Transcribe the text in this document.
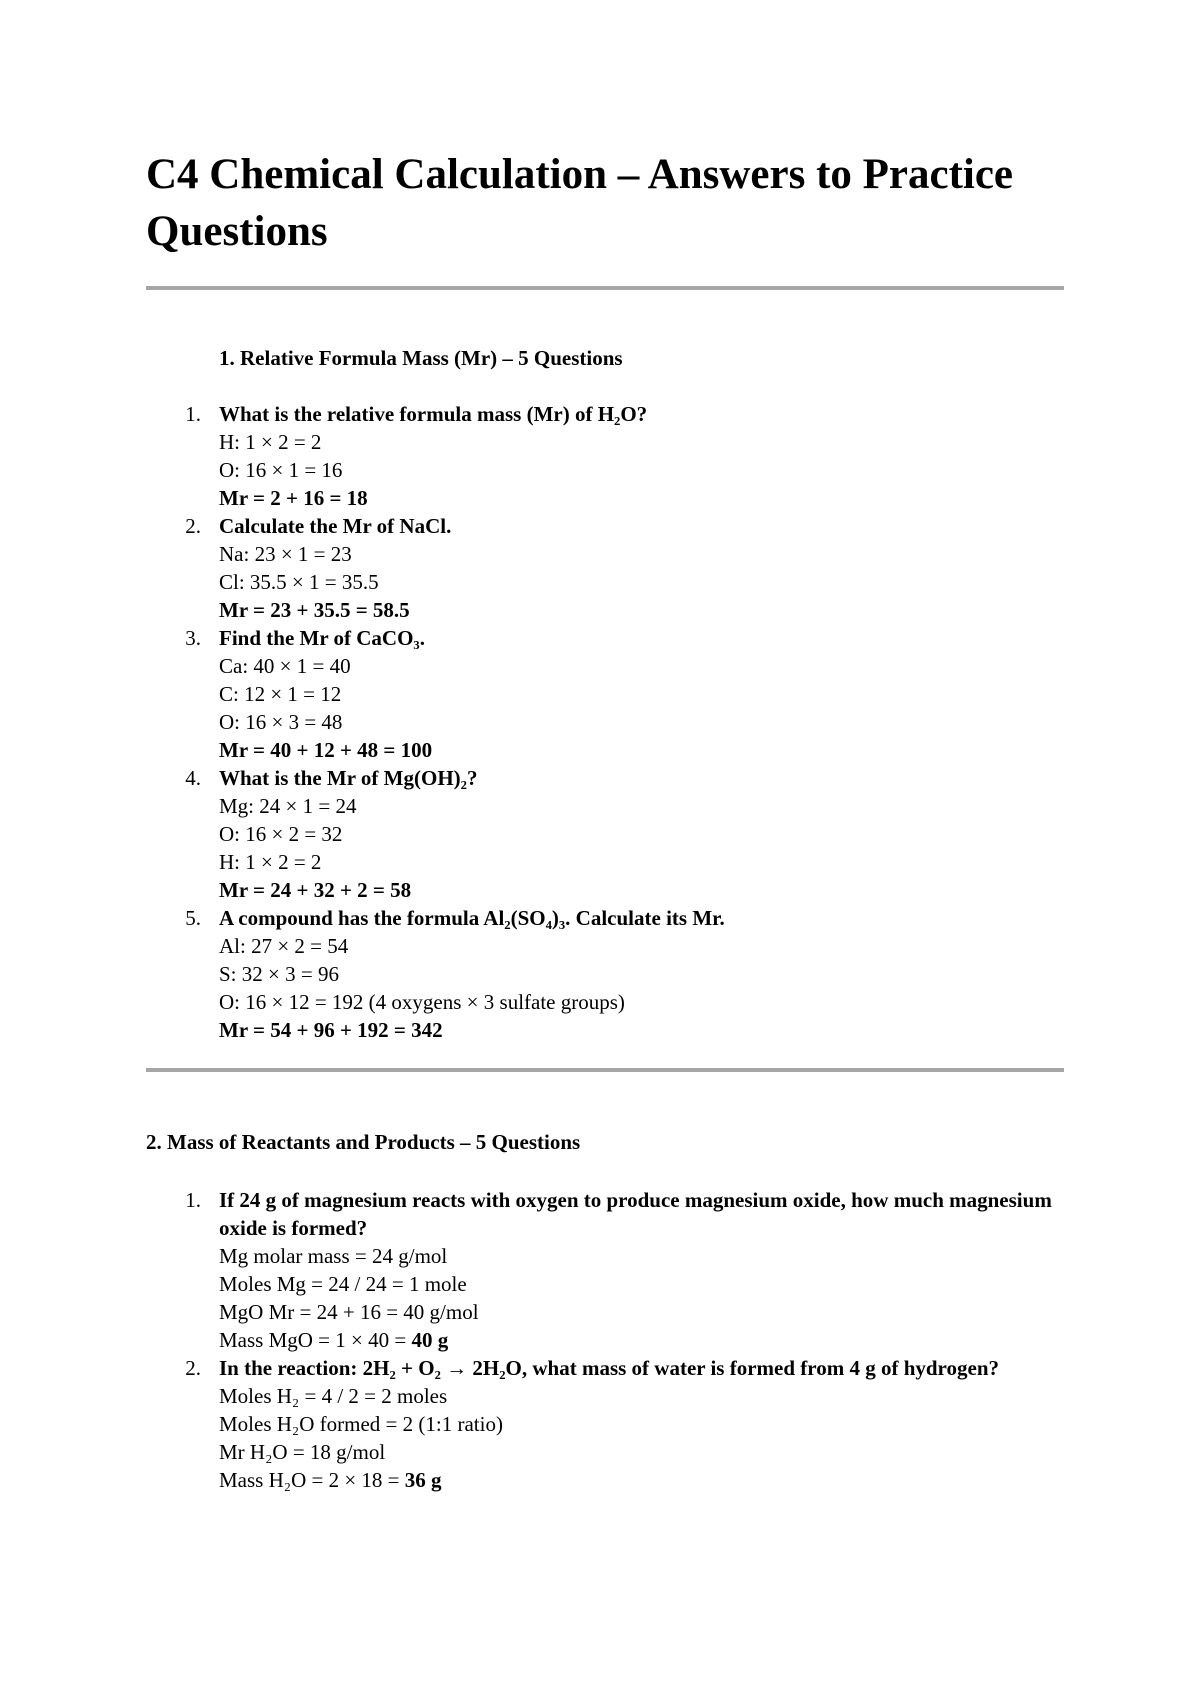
C4 Chemical Calculation – Answers to Practice Questions
1. Relative Formula Mass (Mr) – 5 Questions
1. What is the relative formula mass (Mr) of H₂O?
H: 1 × 2 = 2
O: 16 × 1 = 16
Mr = 2 + 16 = 18
2. Calculate the Mr of NaCl.
Na: 23 × 1 = 23
Cl: 35.5 × 1 = 35.5
Mr = 23 + 35.5 = 58.5
3. Find the Mr of CaCO₃.
Ca: 40 × 1 = 40
C: 12 × 1 = 12
O: 16 × 3 = 48
Mr = 40 + 12 + 48 = 100
4. What is the Mr of Mg(OH)₂?
Mg: 24 × 1 = 24
O: 16 × 2 = 32
H: 1 × 2 = 2
Mr = 24 + 32 + 2 = 58
5. A compound has the formula Al₂(SO₄)₃. Calculate its Mr.
Al: 27 × 2 = 54
S: 32 × 3 = 96
O: 16 × 12 = 192 (4 oxygens × 3 sulfate groups)
Mr = 54 + 96 + 192 = 342
2. Mass of Reactants and Products – 5 Questions
1. If 24 g of magnesium reacts with oxygen to produce magnesium oxide, how much magnesium oxide is formed?
Mg molar mass = 24 g/mol
Moles Mg = 24 / 24 = 1 mole
MgO Mr = 24 + 16 = 40 g/mol
Mass MgO = 1 × 40 = 40 g
2. In the reaction: 2H₂ + O₂ → 2H₂O, what mass of water is formed from 4 g of hydrogen?
Moles H₂ = 4 / 2 = 2 moles
Moles H₂O formed = 2 (1:1 ratio)
Mr H₂O = 18 g/mol
Mass H₂O = 2 × 18 = 36 g
